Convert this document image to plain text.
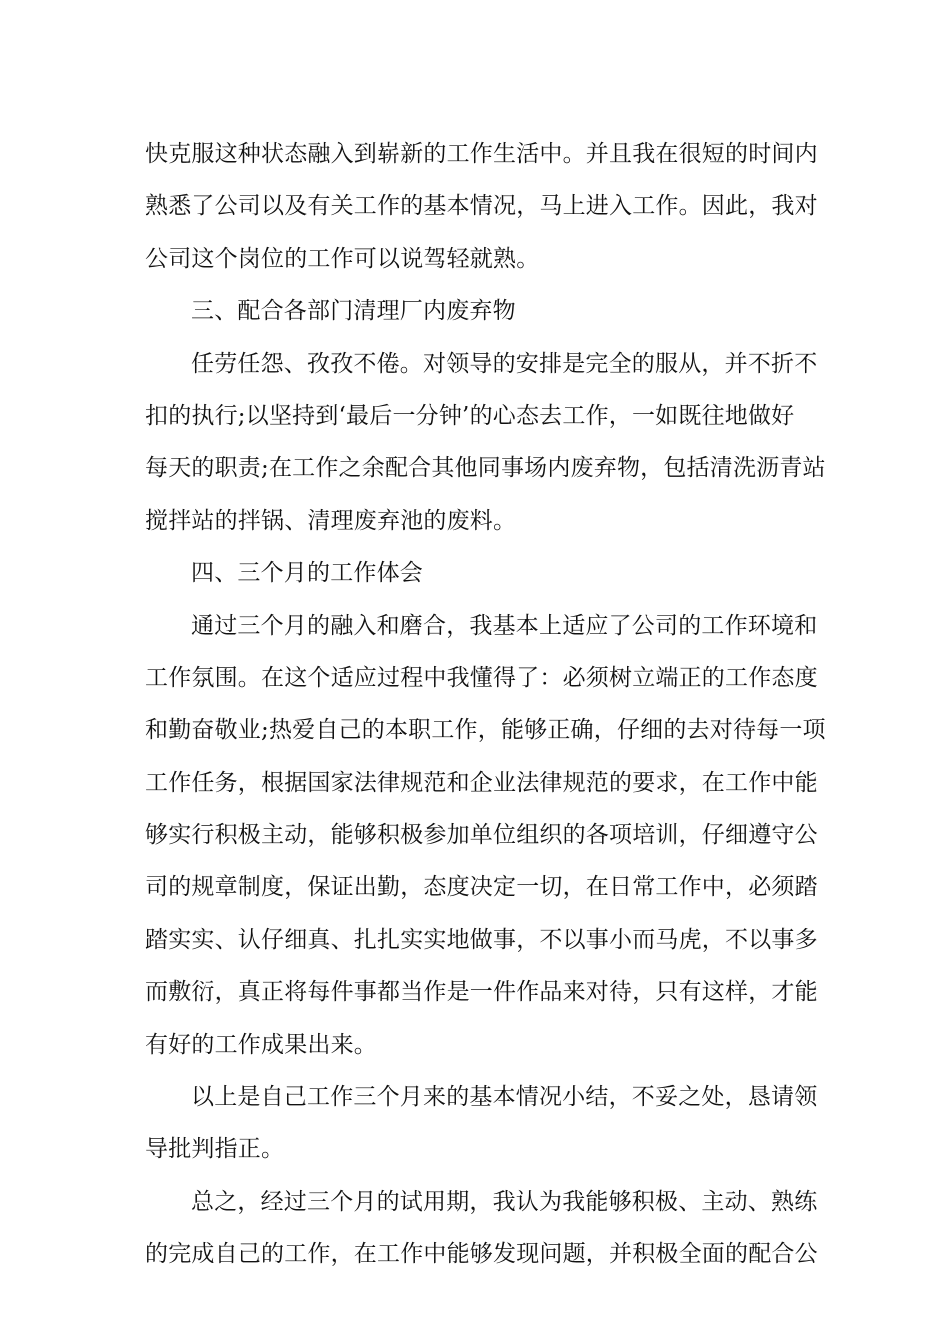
快克服这种状态融入到崭新的工作生活中。并且我在很短的时间内
熟悉了公司以及有关工作的基本情况，马上进入工作。因此，我对
公司这个岗位的工作可以说驾轻就熟。
三、配合各部门清理厂内废弃物
任劳任怨、孜孜不倦。对领导的安排是完全的服从，并不折不
扣的执行;以坚持到‘最后一分钟’的心态去工作，一如既往地做好
每天的职责;在工作之余配合其他同事场内废弃物，包括清洗沥青站
搅拌站的拌锅、清理废弃池的废料。
四、三个月的工作体会
通过三个月的融入和磨合，我基本上适应了公司的工作环境和
工作氛围。在这个适应过程中我懂得了：必须树立端正的工作态度
和勤奋敬业;热爱自己的本职工作，能够正确，仔细的去对待每一项
工作任务，根据国家法律规范和企业法律规范的要求，在工作中能
够实行积极主动，能够积极参加单位组织的各项培训，仔细遵守公
司的规章制度，保证出勤，态度决定一切，在日常工作中，必须踏
踏实实、认仔细真、扎扎实实地做事，不以事小而马虎，不以事多
而敷衍，真正将每件事都当作是一件作品来对待，只有这样，才能
有好的工作成果出来。
以上是自己工作三个月来的基本情况小结，不妥之处，恳请领
导批判指正。
总之，经过三个月的试用期，我认为我能够积极、主动、熟练
的完成自己的工作，在工作中能够发现问题，并积极全面的配合公
